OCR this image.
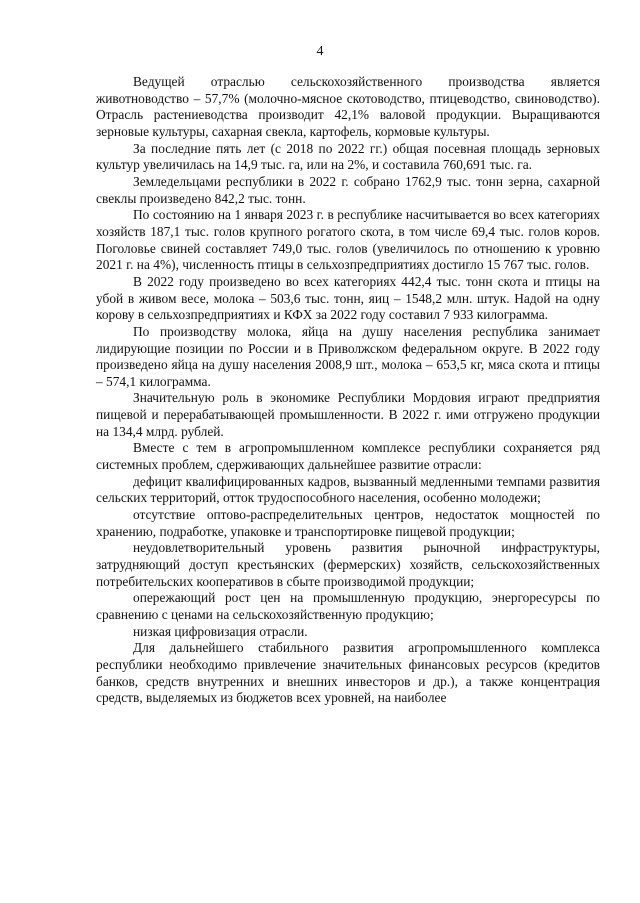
4

Ведущей отраслью сельскохозяйственного производства является животноводство – 57,7% (молочно-мясное скотоводство, птицеводство, свиноводство). Отрасль растениеводства производит 42,1% валовой продукции. Выращиваются зерновые культуры, сахарная свекла, картофель, кормовые культуры.

За последние пять лет (с 2018 по 2022 гг.) общая посевная площадь зерновых культур увеличилась на 14,9 тыс. га, или на 2%, и составила 760,691 тыс. га.

Земледельцами республики в 2022 г. собрано 1762,9 тыс. тонн зерна, сахарной свеклы произведено 842,2 тыс. тонн.

По состоянию на 1 января 2023 г. в республике насчитывается во всех категориях хозяйств 187,1 тыс. голов крупного рогатого скота, в том числе 69,4 тыс. голов коров. Поголовье свиней составляет 749,0 тыс. голов (увеличилось по отношению к уровню 2021 г. на 4%), численность птицы в сельхозпредприятиях достигло 15 767 тыс. голов.

В 2022 году произведено во всех категориях 442,4 тыс. тонн скота и птицы на убой в живом весе, молока – 503,6 тыс. тонн, яиц – 1548,2 млн. штук. Надой на одну корову в сельхозпредприятиях и КФХ за 2022 году составил 7 933 килограмма.

По производству молока, яйца на душу населения республика занимает лидирующие позиции по России и в Приволжском федеральном округе. В 2022 году произведено яйца на душу населения 2008,9 шт., молока – 653,5 кг, мяса скота и птицы – 574,1 килограмма.

Значительную роль в экономике Республики Мордовия играют предприятия пищевой и перерабатывающей промышленности. В 2022 г. ими отгружено продукции на 134,4 млрд. рублей.

Вместе с тем в агропромышленном комплексе республики сохраняется ряд системных проблем, сдерживающих дальнейшее развитие отрасли:

дефицит квалифицированных кадров, вызванный медленными темпами развития сельских территорий, отток трудоспособного населения, особенно молодежи;

отсутствие оптово-распределительных центров, недостаток мощностей по хранению, подработке, упаковке и транспортировке пищевой продукции;

неудовлетворительный уровень развития рыночной инфраструктуры, затрудняющий доступ крестьянских (фермерских) хозяйств, сельскохозяйственных потребительских кооперативов в сбыте производимой продукции;

опережающий рост цен на промышленную продукцию, энергоресурсы по сравнению с ценами на сельскохозяйственную продукцию;

низкая цифровизация отрасли.

Для дальнейшего стабильного развития агропромышленного комплекса республики необходимо привлечение значительных финансовых ресурсов (кредитов банков, средств внутренних и внешних инвесторов и др.), а также концентрация средств, выделяемых из бюджетов всех уровней, на наиболее
